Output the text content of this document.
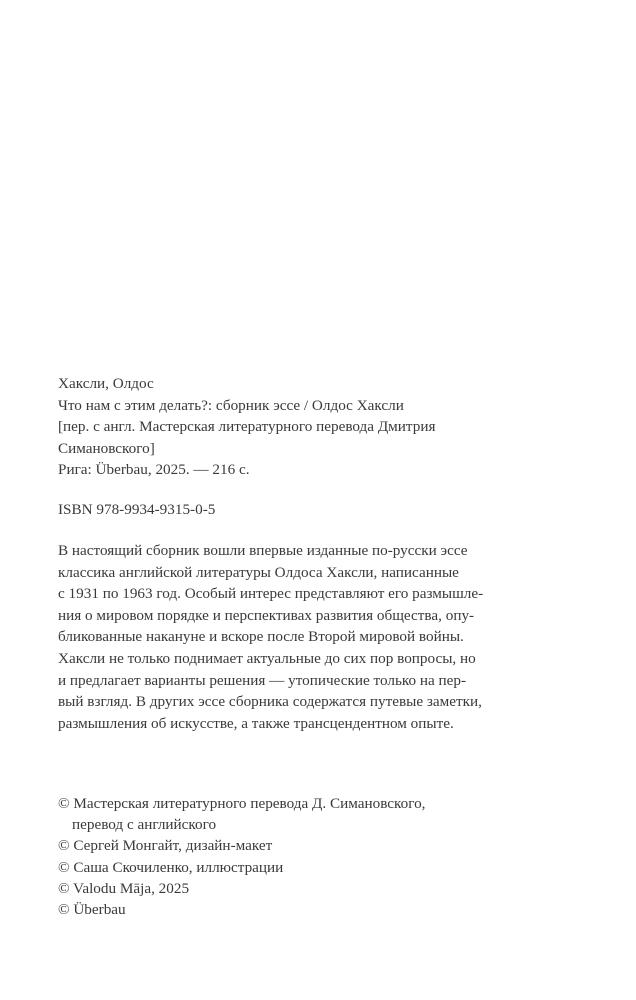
Хаксли, Олдос
Что нам с этим делать?: сборник эссе / Олдос Хаксли
[пер. с англ. Мастерская литературного перевода Дмитрия
Симановского]
Рига: Überbau, 2025. — 216 с.
ISBN 978-9934-9315-0-5
В настоящий сборник вошли впервые изданные по-русски эссе
классика английской литературы Олдоса Хаксли, написанные
с 1931 по 1963 год. Особый интерес представляют его размышле-
ния о мировом порядке и перспективах развития общества, опу-
бликованные накануне и вскоре после Второй мировой войны.
Хаксли не только поднимает актуальные до сих пор вопросы, но
и предлагает варианты решения — утопические только на пер-
вый взгляд. В других эссе сборника содержатся путевые заметки,
размышления об искусстве, а также трансцендентном опыте.
© Мастерская литературного перевода Д. Симановского,
перевод с английского
© Сергей Монгайт, дизайн-макет
© Саша Скочиленко, иллюстрации
© Valodu Māja, 2025
© Überbau
